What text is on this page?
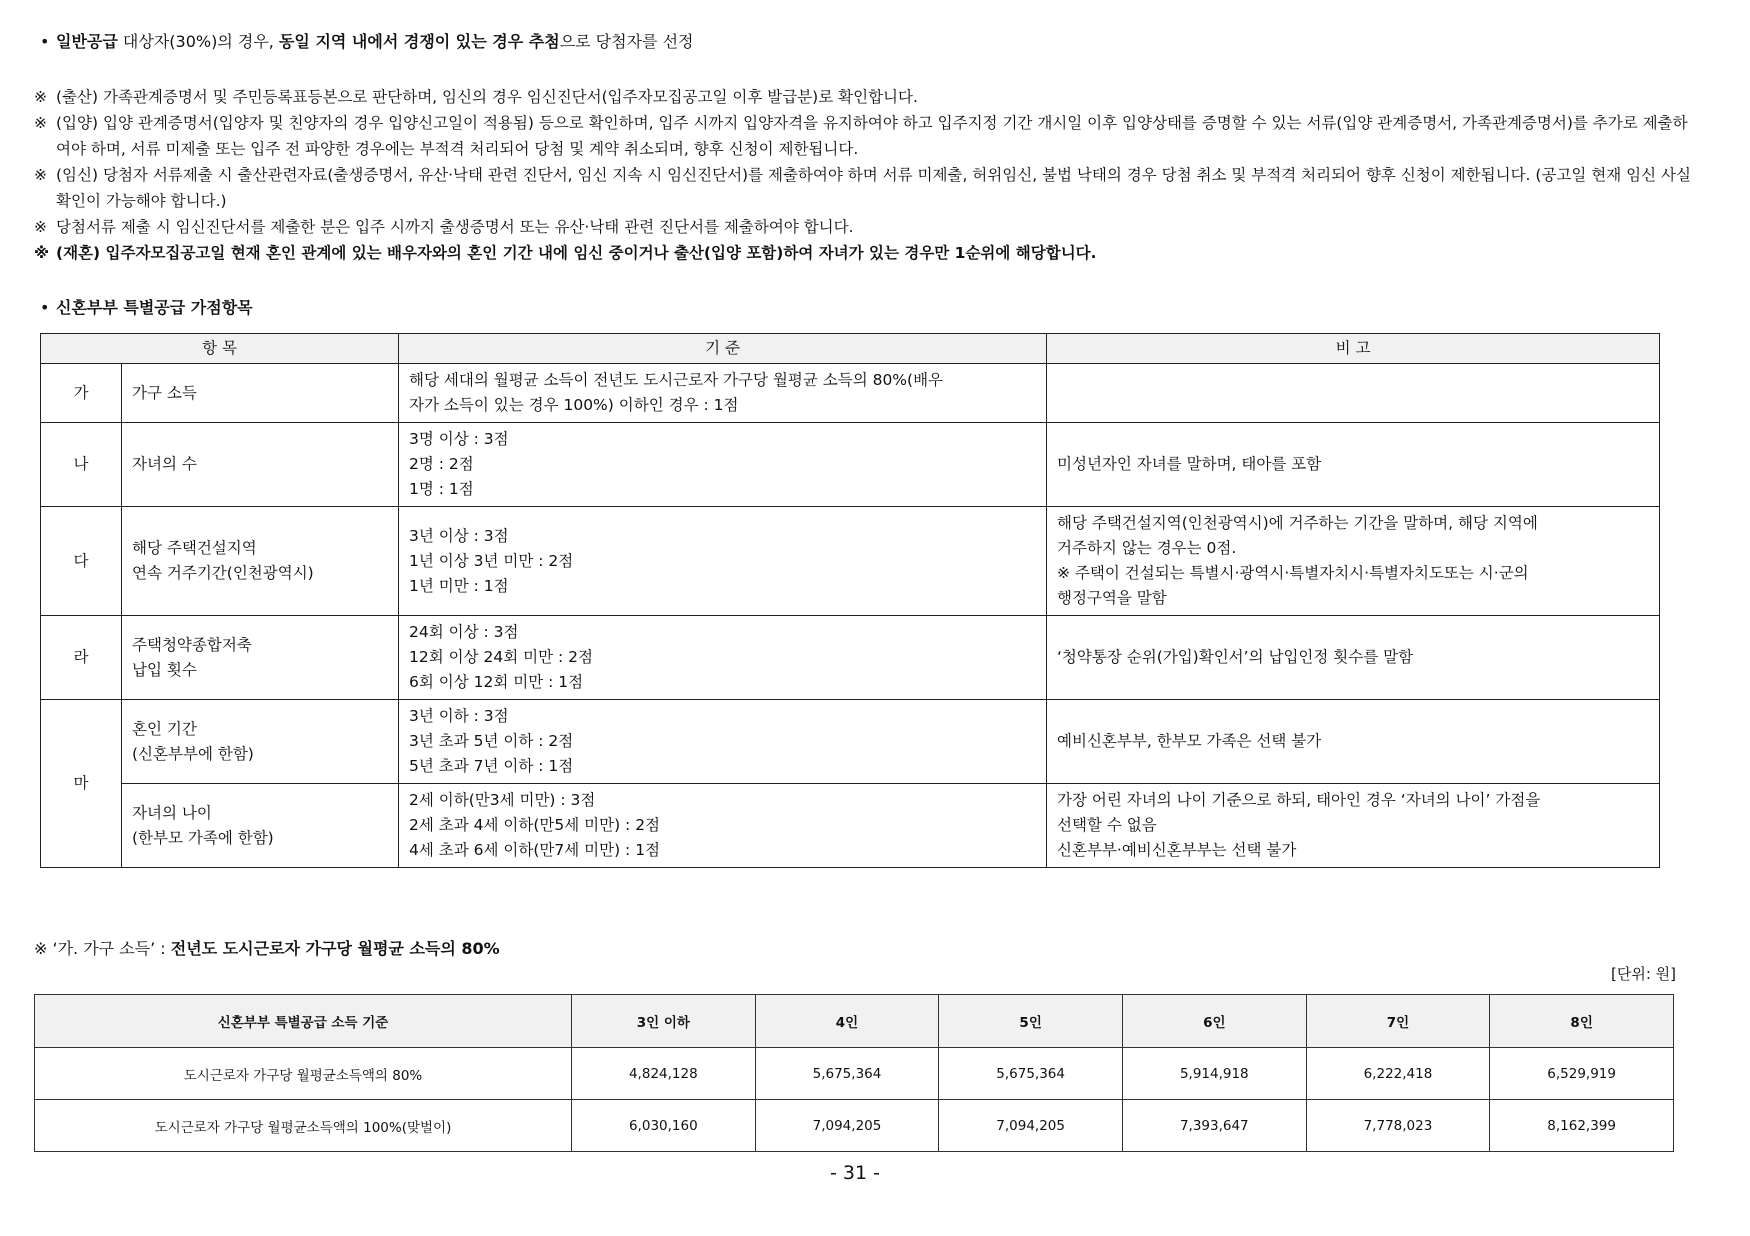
• 일반공급 대상자(30%)의 경우, 동일 지역 내에서 경쟁이 있는 경우 추첨으로 당첨자를 선정
※ (출산) 가족관계증명서 및 주민등록표등본으로 판단하며, 임신의 경우 임신진단서(입주자모집공고일 이후 발급분)로 확인합니다.
※ (입양) 입양 관계증명서(입양자 및 친양자의 경우 입양신고일이 적용됨) 등으로 확인하며, 입주 시까지 입양자격을 유지하여야 하고 입주지정 기간 개시일 이후 입양상태를 증명할 수 있는 서류(입양 관계증명서, 가족관계증명서)를 추가로 제출하여야 하며, 서류 미제출 또는 입주 전 파양한 경우에는 부적격 처리되어 당첨 및 계약 취소되며, 향후 신청이 제한됩니다.
※ (임신) 당첨자 서류제출 시 출산관련자료(출생증명서, 유산·낙태 관련 진단서, 임신 지속 시 임신진단서)를 제출하여야 하며 서류 미제출, 허위임신, 불법 낙태의 경우 당첨 취소 및 부적격 처리되어 향후 신청이 제한됩니다. (공고일 현재 임신 사실 확인이 가능해야 합니다.)
※ 당첨서류 제출 시 임신진단서를 제출한 분은 입주 시까지 출생증명서 또는 유산·낙태 관련 진단서를 제출하여야 합니다.
※ (재혼) 입주자모집공고일 현재 혼인 관계에 있는 배우자와의 혼인 기간 내에 임신 중이거나 출산(입양 포함)하여 자녀가 있는 경우만 1순위에 해당합니다.
• 신혼부부 특별공급 가점항목
항 목		기 준	비 고
가	가구 소득	해당 세대의 월평균 소득이 전년도 도시근로자 가구당 월평균 소득의 80%(배우
자가 소득이 있는 경우 100%) 이하인 경우 : 1점	

나	자녀의 수	3명 이상 : 3점
2명 : 2점
1명 : 1점	미성년자인 자녀를 말하며, 태아를 포함

다	해당 주택건설지역
연속 거주기간(인천광역시)	3년 이상 : 3점
1년 이상 3년 미만 : 2점
1년 미만 : 1점	해당 주택건설지역(인천광역시)에 거주하는 기간을 말하며, 해당 지역에
거주하지 않는 경우는 0점.
※ 주택이 건설되는 특별시·광역시·특별자치시·특별자치도또는 시·군의
행정구역을 말함

라	주택청약종합저축
납입 횟수	24회 이상 : 3점
12회 이상 24회 미만 : 2점
6회 이상 12회 미만 : 1점	‘청약통장 순위(가입)확인서’의 납입인정 횟수를 말함

마	혼인 기간
(신혼부부에 한함)	3년 이하 : 3점
3년 초과 5년 이하 : 2점
5년 초과 7년 이하 : 1점	예비신혼부부, 한부모 가족은 선택 불가

	자녀의 나이
(한부모 가족에 한함)	2세 이하(만3세 미만) : 3점
2세 초과 4세 이하(만5세 미만) : 2점
4세 초과 6세 이하(만7세 미만) : 1점	가장 어린 자녀의 나이 기준으로 하되, 태아인 경우 ‘자녀의 나이’ 가점을
선택할 수 없음
신혼부부·예비신혼부부는 선택 불가
※ ‘가. 가구 소득’ : 전년도 도시근로자 가구당 월평균 소득의 80%
[단위: 원]
신혼부부 특별공급 소득 기준	3인 이하	4인	5인	6인	7인	8인
도시근로자 가구당 월평균소득액의 80%	4,824,128	5,675,364	5,675,364	5,914,918	6,222,418	6,529,919
도시근로자 가구당 월평균소득액의 100%(맞벌이)	6,030,160	7,094,205	7,094,205	7,393,647	7,778,023	8,162,399
- 31 -
